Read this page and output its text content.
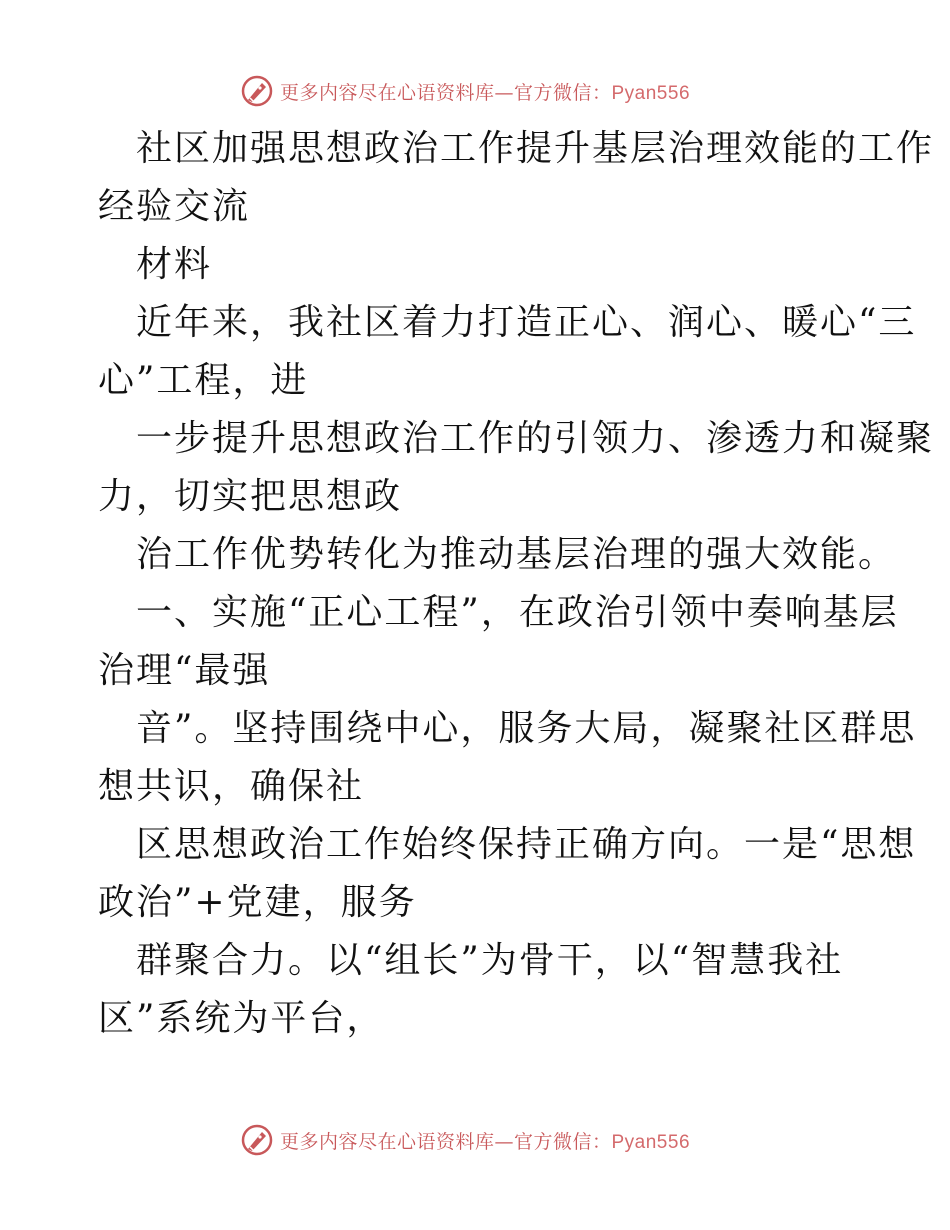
更多内容尽在心语资料库—官方微信：Pyan556
社区加强思想政治工作提升基层治理效能的工作
经验交流
材料
近年来，我社区着力打造正心、润心、暖心“三
心”工程，进
一步提升思想政治工作的引领力、渗透力和凝聚
力，切实把思想政
治工作优势转化为推动基层治理的强大效能。
一、实施“正心工程”，在政治引领中奏响基层
治理“最强
音”。坚持围绕中心，服务大局，凝聚社区群思
想共识，确保社
区思想政治工作始终保持正确方向。一是“思想
政治”+党建，服务
群聚合力。以“组长”为骨干，以“智慧我社
区”系统为平台，
更多内容尽在心语资料库—官方微信：Pyan556
